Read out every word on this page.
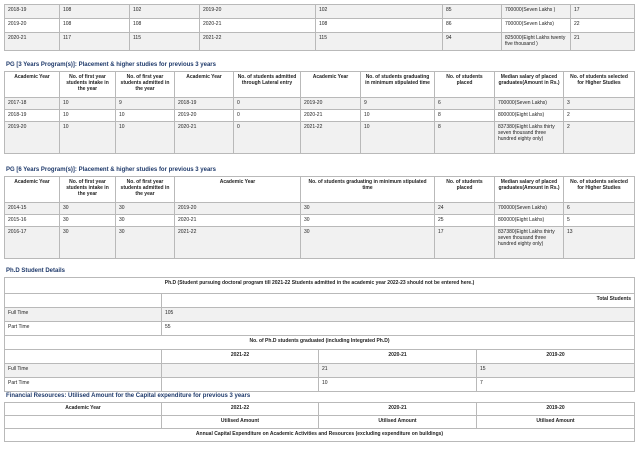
2018-19	108	102	2019-20	102	85	700000(Seven Lakhs )	17
2019-20	108	108	2020-21	108	86	700000(Seven Lakhs)	22
2020-21	117	115	2021-22	115	94	825000(Eight Lakhs twenty five thousand )	21
PG [3 Years Program(s)]: Placement & higher studies for previous 3 years
Academic Year	No. of first year students intake in the year	No. of first year students admitted in the year	Academic Year	No. of students admitted through Lateral entry	Academic Year	No. of students graduating in minimum stipulated time	No. of students placed	Median salary of placed graduates(Amount in Rs.)	No. of students selected for Higher Studies
2017-18	10	9	2018-19	0	2019-20	9	6	700000(Seven Lakhs)	3
2018-19	10	10	2019-20	0	2020-21	10	8	800000(Eight Lakhs)	2
2019-20	10	10	2020-21	0	2021-22	10	8	837380(Eight Lakhs thirty seven thousand three hundred eighty only)	2
PG [6 Years Program(s)]: Placement & higher studies for previous 3 years
Academic Year	No. of first year students intake in the year	No. of first year students admitted in the year	Academic Year	No. of students graduating in minimum stipulated time	No. of students placed	Median salary of placed graduates(Amount in Rs.)	No. of students selected for Higher Studies
2014-15	30	30	2019-20	30	24	700000(Seven Lakhs)	6
2015-16	30	30	2020-21	30	25	800000(Eight Lakhs)	5
2016-17	30	30	2021-22	30	17	837380(Eight Lakhs thirty seven thousand three hundred eighty only)	13
Ph.D Student Details
Ph.D (Student pursuing doctoral program till 2021-22 Students admitted in the academic year 2022-23 should not be entered here.)			
	Total Students		
Full Time	105		
Part Time	55		
No. of Ph.D students graduated (including Integrated Ph.D)			
	2021-22	2020-21	2019-20
Full Time		21	15
Part Time		10	7
Financial Resources: Utilised Amount for the Capital expenditure for previous 3 years
Academic Year	2021-22	2020-21	2019-20
	Utilised Amount	Utilised Amount	Utilised Amount
Annual Capital Expenditure on Academic Activities and Resources (excluding expenditure on buildings)			
